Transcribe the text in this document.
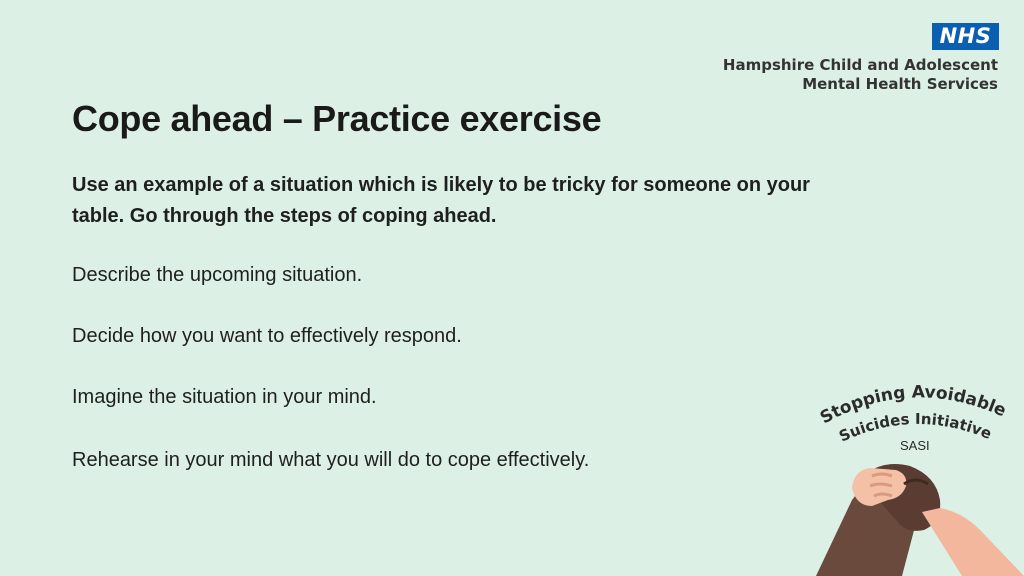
NHS
Hampshire Child and Adolescent
Mental Health Services
Cope ahead – Practice exercise
Use an example of a situation which is likely to be tricky for someone on your
table. Go through the steps of coping ahead.

Describe the upcoming situation.

Decide how you want to effectively respond.

Imagine the situation in your mind.

Rehearse in your mind what you will do to cope effectively.

Stopping Avoidable
Suicides Initiative
SASI
